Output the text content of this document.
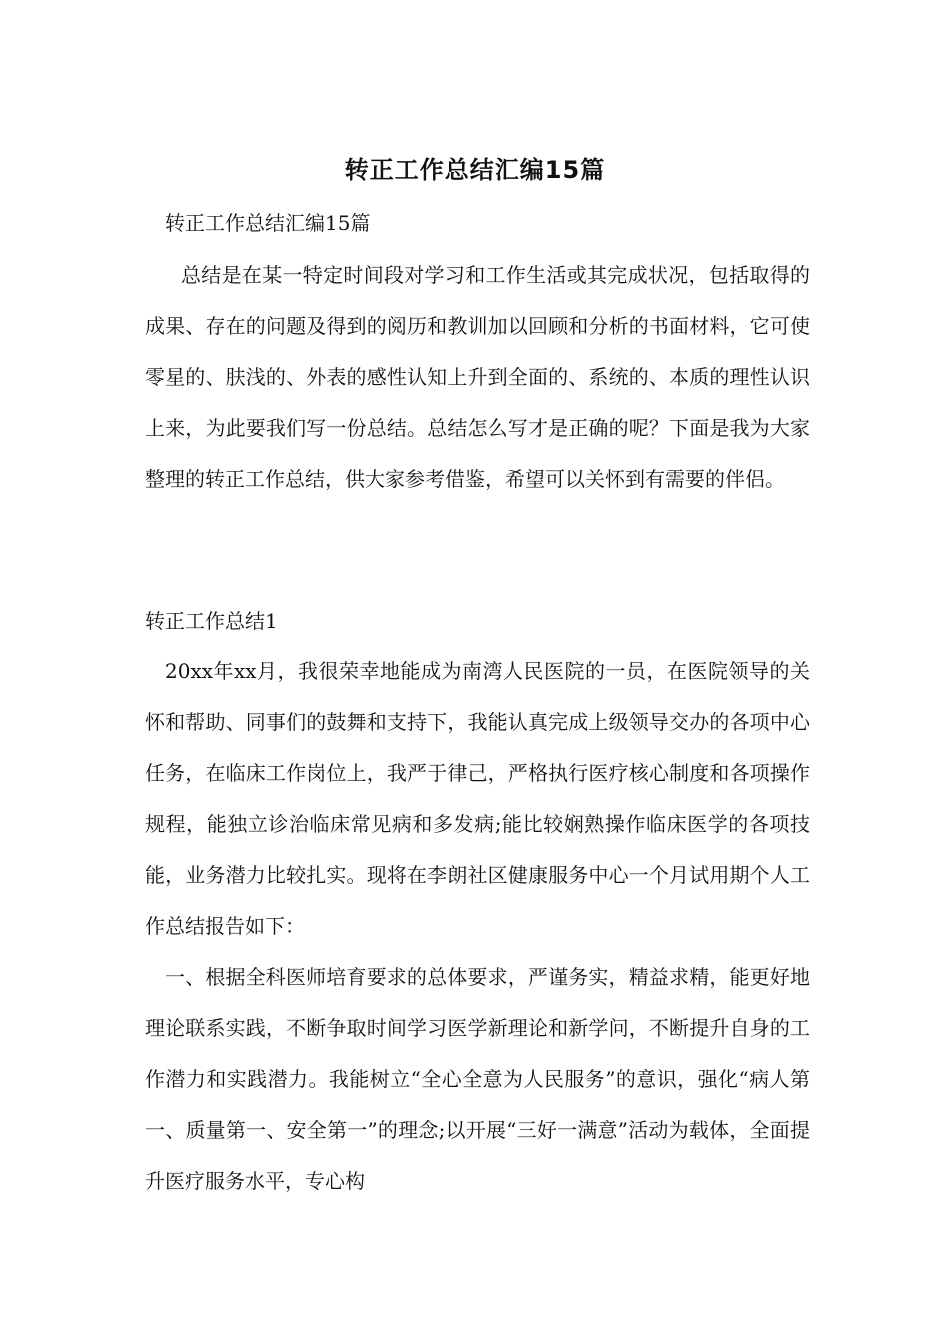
转正工作总结汇编15篇

转正工作总结汇编15篇

总结是在某一特定时间段对学习和工作生活或其完成状况，包括取得的成果、存在的问题及得到的阅历和教训加以回顾和分析的书面材料，它可使零星的、肤浅的、外表的感性认知上升到全面的、系统的、本质的理性认识上来，为此要我们写一份总结。总结怎么写才是正确的呢？下面是我为大家整理的转正工作总结，供大家参考借鉴，希望可以关怀到有需要的伴侣。

转正工作总结1

20xx年xx月，我很荣幸地能成为南湾人民医院的一员，在医院领导的关怀和帮助、同事们的鼓舞和支持下，我能认真完成上级领导交办的各项中心任务，在临床工作岗位上，我严于律己，严格执行医疗核心制度和各项操作规程，能独立诊治临床常见病和多发病;能比较娴熟操作临床医学的各项技能，业务潜力比较扎实。现将在李朗社区健康服务中心一个月试用期个人工作总结报告如下：

一、根据全科医师培育要求的总体要求，严谨务实，精益求精，能更好地理论联系实践，不断争取时间学习医学新理论和新学问，不断提升自身的工作潜力和实践潜力。我能树立“全心全意为人民服务”的意识，强化“病人第一、质量第一、安全第一”的理念;以开展“三好一满意”活动为载体，全面提升医疗服务水平，专心构
